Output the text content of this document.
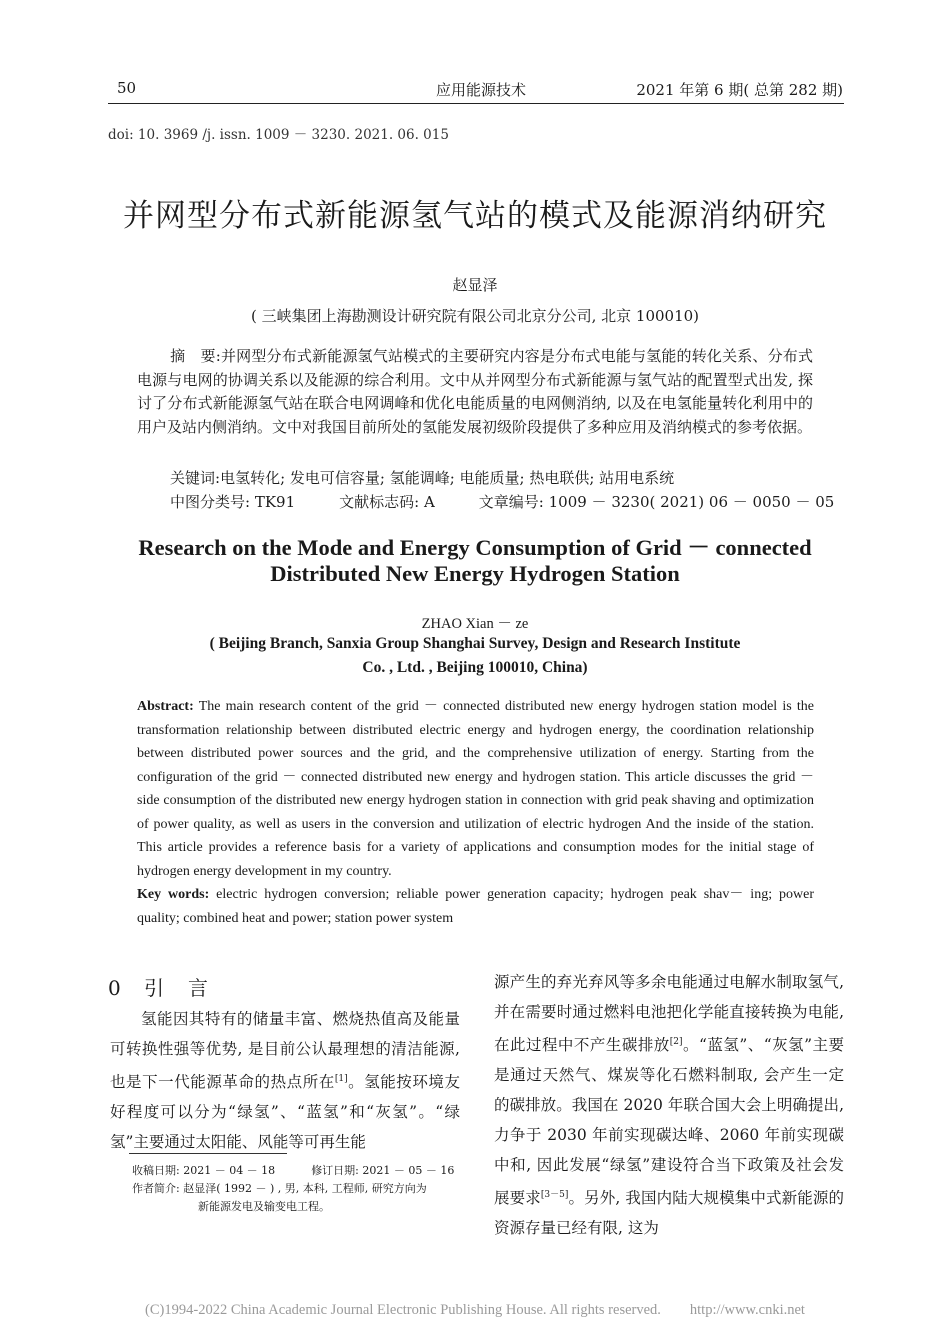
50	应用能源技术	2021 年第 6 期( 总第 282 期)
doi: 10. 3969 /j. issn. 1009 － 3230. 2021. 06. 015
并网型分布式新能源氢气站的模式及能源消纳研究
赵显泽
( 三峡集团上海勘测设计研究院有限公司北京分公司, 北京 100010)
摘　要:并网型分布式新能源氢气站模式的主要研究内容是分布式电能与氢能的转化关系、分布式电源与电网的协调关系以及能源的综合利用。文中从并网型分布式新能源与氢气站的配置型式出发, 探讨了分布式新能源氢气站在联合电网调峰和优化电能质量的电网侧消纳, 以及在电氢能量转化利用中的用户及站内侧消纳。文中对我国目前所处的氢能发展初级阶段提供了多种应用及消纳模式的参考依据。
关键词:电氢转化; 发电可信容量; 氢能调峰; 电能质量; 热电联供; 站用电系统
中图分类号: TK91	文献标志码: A	文章编号: 1009 － 3230( 2021) 06 － 0050 － 05
Research on the Mode and Energy Consumption of Grid － connected
Distributed New Energy Hydrogen Station
ZHAO Xian － ze
( Beijing Branch, Sanxia Group Shanghai Survey, Design and Research Institute
Co. , Ltd. , Beijing 100010, China)
Abstract: The main research content of the grid － connected distributed new energy hydrogen station model is the transformation relationship between distributed electric energy and hydrogen energy, the coordination relationship between distributed power sources and the grid, and the comprehensive utilization of energy. Starting from the configuration of the grid － connected distributed new energy and hydrogen station. This article discusses the grid － side consumption of the distributed new energy hydrogen station in connection with grid peak shaving and optimization of power quality, as well as users in the conversion and utilization of electric hydrogen And the inside of the station. This article provides a reference basis for a variety of applications and consumption modes for the initial stage of hydrogen energy development in my country.
Key words: electric hydrogen conversion; reliable power generation capacity; hydrogen peak shav－ ing; power quality; combined heat and power; station power system
0 引　言
氢能因其特有的储量丰富、燃烧热值高及能量可转换性强等优势, 是目前公认最理想的清洁能源, 也是下一代能源革命的热点所在[1]。氢能按环境友好程度可以分为“绿氢”、“蓝氢”和“灰氢”。“绿氢”主要通过太阳能、风能等可再生能
源产生的弃光弃风等多余电能通过电解水制取氢气, 并在需要时通过燃料电池把化学能直接转换为电能, 在此过程中不产生碳排放[2]。“蓝氢”、“灰氢”主要是通过天然气、煤炭等化石燃料制取, 会产生一定的碳排放。我国在 2020 年联合国大会上明确提出, 力争于 2030 年前实现碳达峰、2060 年前实现碳中和, 因此发展“绿氢”建设符合当下政策及社会发展要求[3－5]。另外, 我国内陆大规模集中式新能源的资源存量已经有限, 这为
收稿日期: 2021 － 04 － 18	修订日期: 2021 － 05 － 16
作者简介: 赵显泽( 1992 － ) , 男, 本科, 工程师, 研究方向为
新能源发电及输变电工程。
(C)1994-2022 China Academic Journal Electronic Publishing House. All rights reserved.　　http://www.cnki.net
